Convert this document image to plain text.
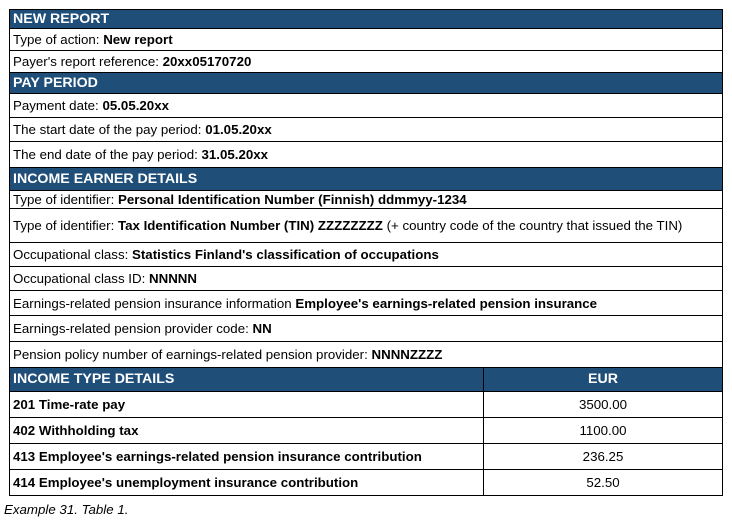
NEW REPORT	
Type of action: New report	
Payer's report reference: 20xx05170720	
PAY PERIOD	
Payment date: 05.05.20xx	
The start date of the pay period: 01.05.20xx	
The end date of the pay period: 31.05.20xx	
INCOME EARNER DETAILS	
Type of identifier: Personal Identification Number (Finnish) ddmmyy-1234	
Type of identifier: Tax Identification Number (TIN) ZZZZZZZZ (+ country code of the country that issued the TIN)	
Occupational class: Statistics Finland's classification of occupations	
Occupational class ID: NNNNN	
Earnings-related pension insurance information Employee's earnings-related pension insurance	
Earnings-related pension provider code: NN	
Pension policy number of earnings-related pension provider: NNNNZZZZ	
INCOME TYPE DETAILS	EUR
201 Time-rate pay	3500.00
402 Withholding tax	1100.00
413 Employee's earnings-related pension insurance contribution	236.25
414 Employee's unemployment insurance contribution	52.50
Example 31. Table 1.
